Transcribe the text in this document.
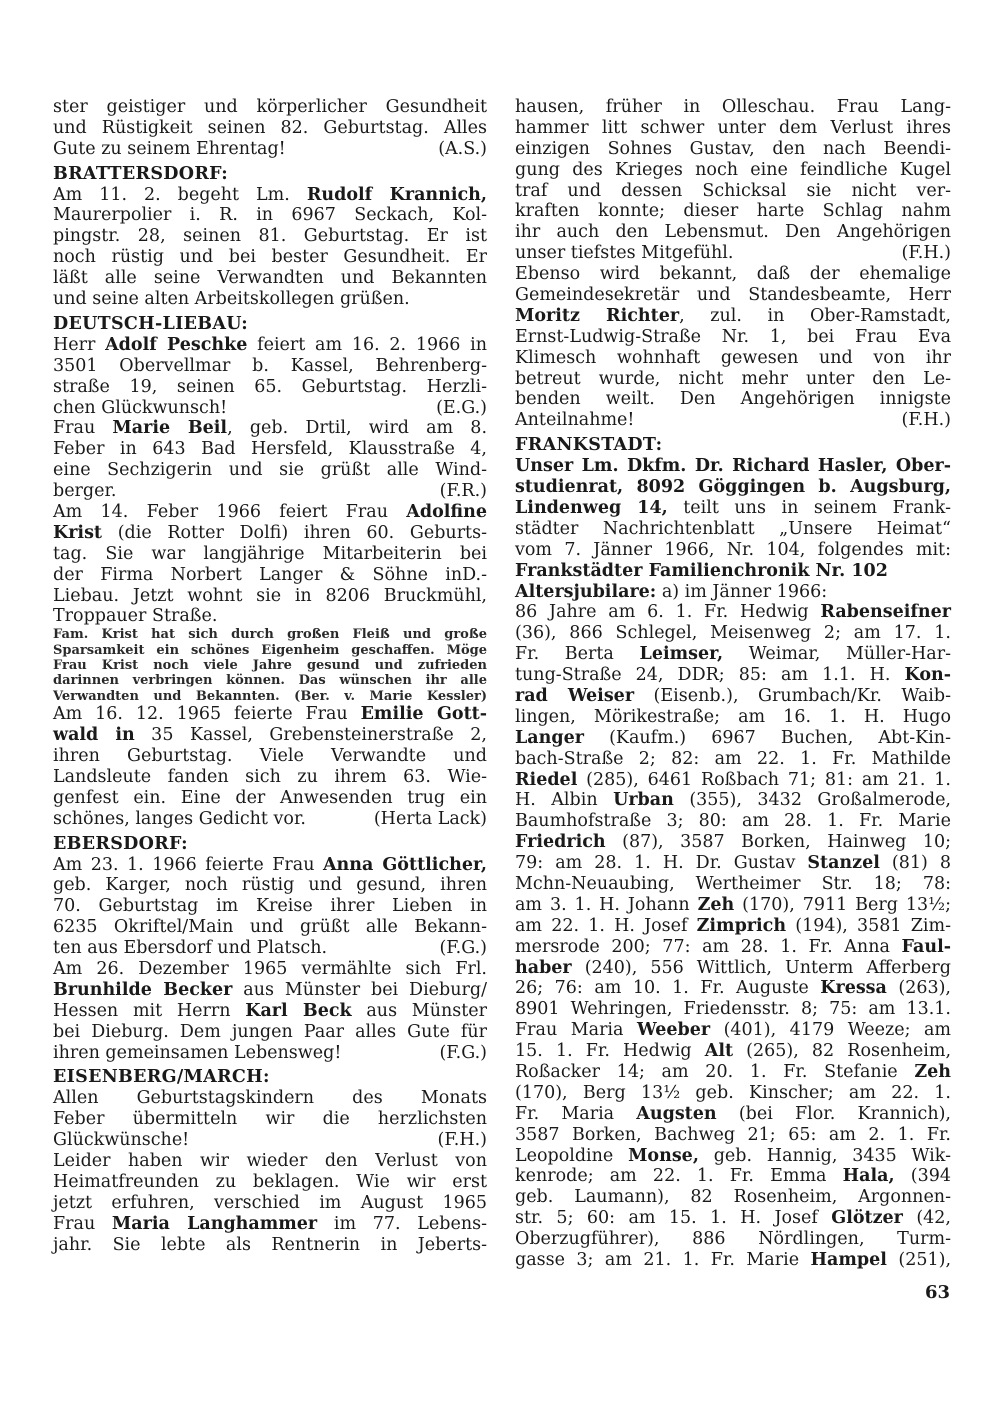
ster geistiger und körperlicher Gesundheit
und Rüstigkeit seinen 82. Geburtstag. Alles
Gute zu seinem Ehrentag!	(A.S.)
BRATTERSDORF:
Am 11. 2. begeht Lm. Rudolf Krannich,
Maurerpolier i. R. in 6967 Seckach, Kol-
pingstr. 28, seinen 81. Geburtstag. Er ist
noch rüstig und bei bester Gesundheit. Er
läßt alle seine Verwandten und Bekannten
und seine alten Arbeitskollegen grüßen.
DEUTSCH-LIEBAU:
Herr Adolf Peschke feiert am 16. 2. 1966 in
3501 Obervellmar b. Kassel, Behrenberg-
straße 19, seinen 65. Geburtstag. Herzli-
chen Glückwunsch!	(E.G.)
Frau Marie Beil, geb. Drtil, wird am 8.
Feber in 643 Bad Hersfeld, Klausstraße 4,
eine Sechzigerin und sie grüßt alle Wind-
berger.	(F.R.)
Am 14. Feber 1966 feiert Frau Adolfine
Krist (die Rotter Dolfi) ihren 60. Geburts-
tag. Sie war langjährige Mitarbeiterin bei
der Firma Norbert Langer & Söhne inD.-
Liebau. Jetzt wohnt sie in 8206 Bruckmühl,
Troppauer Straße.
Fam. Krist hat sich durch großen Fleiß und große
Sparsamkeit ein schönes Eigenheim geschaffen. Möge
Frau Krist noch viele Jahre gesund und zufrieden
darinnen verbringen können. Das wünschen ihr alle
Verwandten und Bekannten. (Ber. v. Marie Kessler)
Am 16. 12. 1965 feierte Frau Emilie Gott-
wald in 35 Kassel, Grebensteinerstraße 2,
ihren Geburtstag. Viele Verwandte und
Landsleute fanden sich zu ihrem 63. Wie-
genfest ein. Eine der Anwesenden trug ein
schönes, langes Gedicht vor.	(Herta Lack)
EBERSDORF:
Am 23. 1. 1966 feierte Frau Anna Göttlicher,
geb. Karger, noch rüstig und gesund, ihren
70. Geburtstag im Kreise ihrer Lieben in
6235 Okriftel/Main und grüßt alle Bekann-
ten aus Ebersdorf und Platsch.	(F.G.)
Am 26. Dezember 1965 vermählte sich Frl.
Brunhilde Becker aus Münster bei Dieburg/
Hessen mit Herrn Karl Beck aus Münster
bei Dieburg. Dem jungen Paar alles Gute für
ihren gemeinsamen Lebensweg!	(F.G.)
EISENBERG/MARCH:
Allen Geburtstagskindern des Monats
Feber übermitteln wir die herzlichsten
Glückwünsche!	(F.H.)
Leider haben wir wieder den Verlust von
Heimatfreunden zu beklagen. Wie wir erst
jetzt erfuhren, verschied im August 1965
Frau Maria Langhammer im 77. Lebens-
jahr. Sie lebte als Rentnerin in Jeberts-
hausen, früher in Olleschau. Frau Lang-
hammer litt schwer unter dem Verlust ihres
einzigen Sohnes Gustav, den nach Beendi-
gung des Krieges noch eine feindliche Kugel
traf und dessen Schicksal sie nicht ver-
kraften konnte; dieser harte Schlag nahm
ihr auch den Lebensmut. Den Angehörigen
unser tiefstes Mitgefühl.	(F.H.)
Ebenso wird bekannt, daß der ehemalige
Gemeindesekretär und Standesbeamte, Herr
Moritz Richter, zul. in Ober-Ramstadt,
Ernst-Ludwig-Straße Nr. 1, bei Frau Eva
Klimesch wohnhaft gewesen und von ihr
betreut wurde, nicht mehr unter den Le-
benden weilt. Den Angehörigen innigste
Anteilnahme!	(F.H.)
FRANKSTADT:
Unser Lm. Dkfm. Dr. Richard Hasler, Ober-
studienrat, 8092 Göggingen b. Augsburg,
Lindenweg 14, teilt uns in seinem Frank-
städter Nachrichtenblatt „Unsere Heimat“
vom 7. Jänner 1966, Nr. 104, folgendes mit:
Frankstädter Familienchronik Nr. 102
Altersjubilare: a) im Jänner 1966:
86 Jahre am 6. 1. Fr. Hedwig Rabenseifner
(36), 866 Schlegel, Meisenweg 2; am 17. 1.
Fr. Berta Leimser, Weimar, Müller-Har-
tung-Straße 24, DDR; 85: am 1.1. H. Kon-
rad Weiser (Eisenb.), Grumbach/Kr. Waib-
lingen, Mörikestraße; am 16. 1. H. Hugo
Langer (Kaufm.) 6967 Buchen, Abt-Kin-
bach-Straße 2; 82: am 22. 1. Fr. Mathilde
Riedel (285), 6461 Roßbach 71; 81: am 21. 1.
H. Albin Urban (355), 3432 Großalmerode,
Baumhofstraße 3; 80: am 28. 1. Fr. Marie
Friedrich (87), 3587 Borken, Hainweg 10;
79: am 28. 1. H. Dr. Gustav Stanzel (81) 8
Mchn-Neuaubing, Wertheimer Str. 18; 78:
am 3. 1. H. Johann Zeh (170), 7911 Berg 13½;
am 22. 1. H. Josef Zimprich (194), 3581 Zim-
mersrode 200; 77: am 28. 1. Fr. Anna Faul-
haber (240), 556 Wittlich, Unterm Afferberg
26; 76: am 10. 1. Fr. Auguste Kressa (263),
8901 Wehringen, Friedensstr. 8; 75: am 13.1.
Frau Maria Weeber (401), 4179 Weeze; am
15. 1. Fr. Hedwig Alt (265), 82 Rosenheim,
Roßacker 14; am 20. 1. Fr. Stefanie Zeh
(170), Berg 13½ geb. Kinscher; am 22. 1.
Fr. Maria Augsten (bei Flor. Krannich),
3587 Borken, Bachweg 21; 65: am 2. 1. Fr.
Leopoldine Monse, geb. Hannig, 3435 Wik-
kenrode; am 22. 1. Fr. Emma Hala, (394
geb. Laumann), 82 Rosenheim, Argonnen-
str. 5; 60: am 15. 1. H. Josef Glötzer (42,
Oberzugführer), 886 Nördlingen, Turm-
gasse 3; am 21. 1. Fr. Marie Hampel (251),
63
